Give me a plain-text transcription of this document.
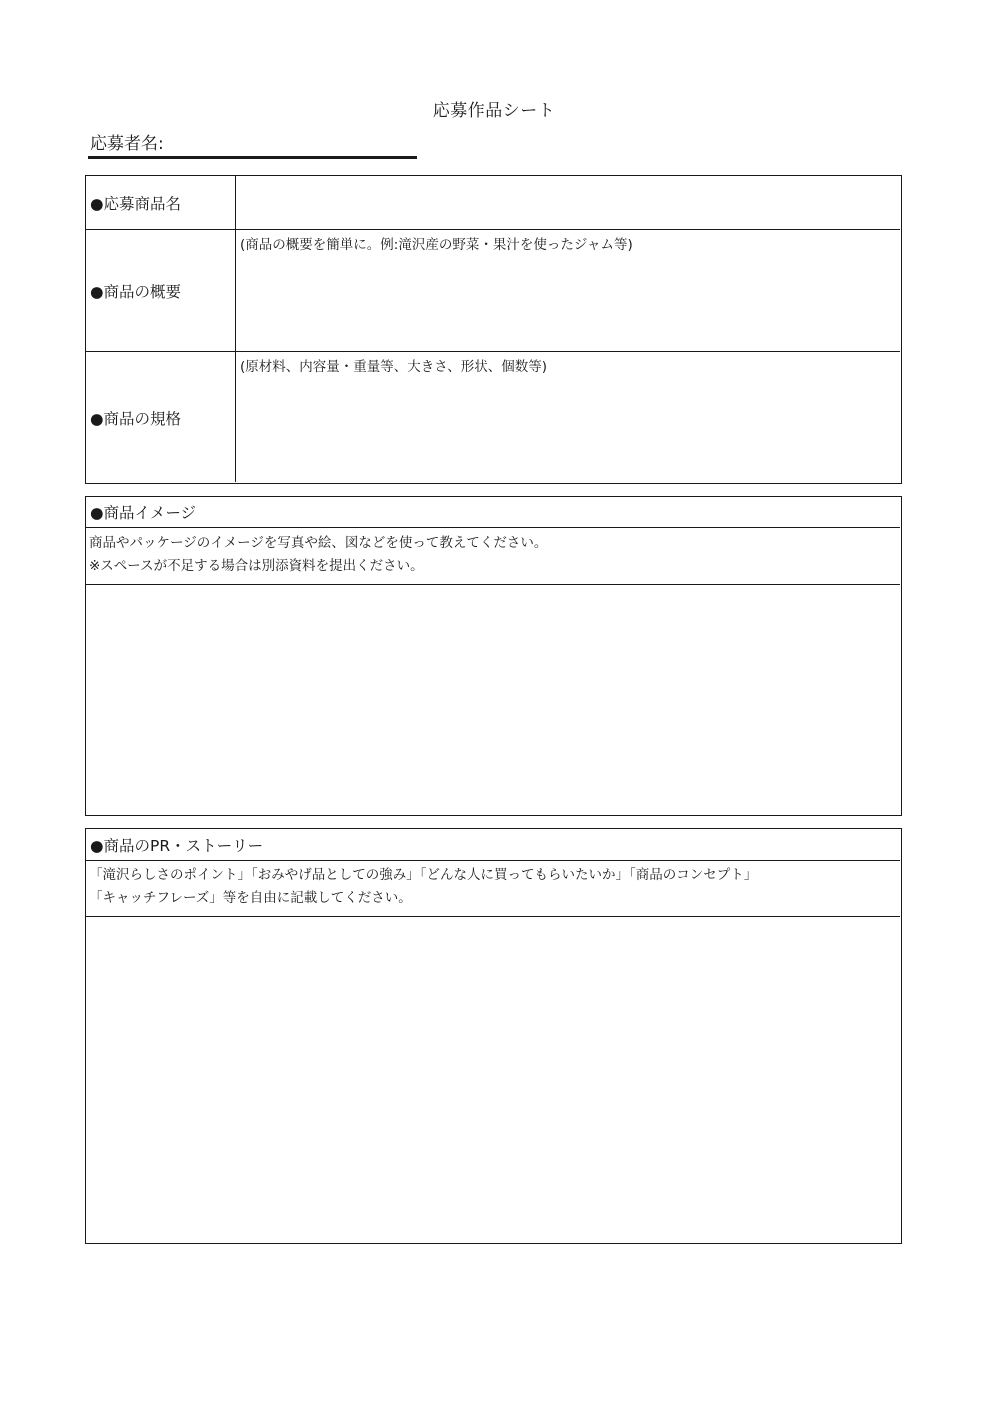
応募作品シート
応募者名:
●応募商品名
●商品の概要
(商品の概要を簡単に。例:滝沢産の野菜・果汁を使ったジャム等)
●商品の規格
(原材料、内容量・重量等、大きさ、形状、個数等)
●商品イメージ
商品やパッケージのイメージを写真や絵、図などを使って教えてください。
※スペースが不足する場合は別添資料を提出ください。
●商品のPR・ストーリー
「滝沢らしさのポイント」「おみやげ品としての強み」「どんな人に買ってもらいたいか」「商品のコンセプト」
「キャッチフレーズ」等を自由に記載してください。
